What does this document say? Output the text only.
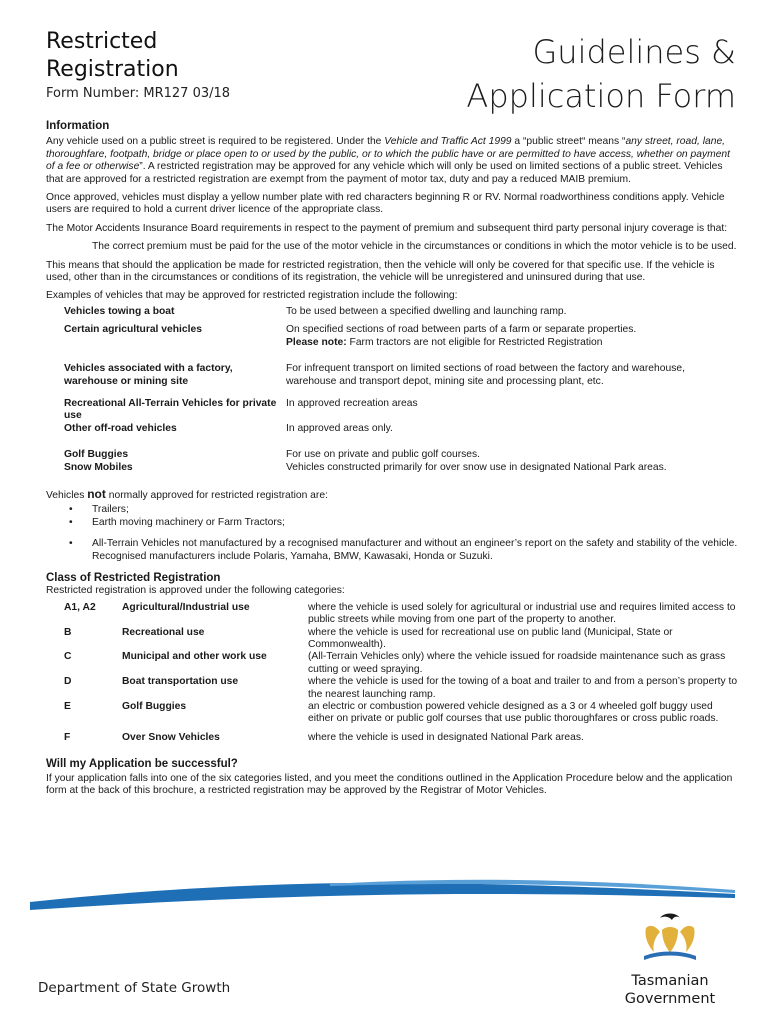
Restricted
Registration
Form Number: MR127 03/18
Guidelines &
Application Form
Information

Any vehicle used on a public street is required to be registered. Under the Vehicle and Traffic Act 1999 a “public street“ means “any street, road, lane, thoroughfare, footpath, bridge or place open to or used by the public, or to which the public have or are permitted to have access, whether on payment of a fee or otherwise”. A restricted registration may be approved for any vehicle which will only be used on limited sections of a public street. Vehicles that are approved for a restricted registration are exempt from the payment of motor tax, duty and pay a reduced MAIB premium.

Once approved, vehicles must display a yellow number plate with red characters beginning R or RV. Normal roadworthiness conditions apply. Vehicle users are required to hold a current driver licence of the appropriate class.

The Motor Accidents Insurance Board requirements in respect to the payment of premium and subsequent third party personal injury coverage is that:

The correct premium must be paid for the use of the motor vehicle in the circumstances or conditions in which the motor vehicle is to be used.

This means that should the application be made for restricted registration, then the vehicle will only be covered for that specific use. If the vehicle is used, other than in the circumstances or conditions of its registration, the vehicle will be unregistered and uninsured during that use.

Examples of vehicles that may be approved for restricted registration include the following:

Vehicles towing a boat	To be used between a specified dwelling and launching ramp.
Certain agricultural vehicles	On specified sections of road between parts of a farm or separate properties.
Please note: Farm tractors are not eligible for Restricted Registration
Vehicles associated with a factory, warehouse or mining site	For infrequent transport on limited sections of road between the factory and warehouse, warehouse and transport depot, mining site and processing plant, etc.
Recreational All-Terrain Vehicles for private use	In approved recreation areas
Other off-road vehicles	In approved areas only.
Golf Buggies	For use on private and public golf courses.
Snow Mobiles	Vehicles constructed primarily for over snow use in designated National Park areas.

Vehicles not normally approved for restricted registration are:

• Trailers;
• Earth moving machinery or Farm Tractors;
• All-Terrain Vehicles not manufactured by a recognised manufacturer and without an engineer’s report on the safety and stability of the vehicle. Recognised manufacturers include Polaris, Yamaha, BMW, Kawasaki, Honda or Suzuki.
Class of Restricted Registration

Restricted registration is approved under the following categories:

A1, A2	Agricultural/Industrial use	where the vehicle is used solely for agricultural or industrial use and requires limited access to public streets while moving from one part of the property to another.
B	Recreational use	where the vehicle is used for recreational use on public land (Municipal, State or Commonwealth).
C	Municipal and other work use	(All-Terrain Vehicles only) where the vehicle issued for roadside maintenance such as grass cutting or weed spraying.
D	Boat transportation use	where the vehicle is used for the towing of a boat and trailer to and from a person’s property to the nearest launching ramp.
E	Golf Buggies	an electric or combustion powered vehicle designed as a 3 or 4 wheeled golf buggy used either on private or public golf courses that use public thoroughfares or cross public roads.
F	Over Snow Vehicles	where the vehicle is used in designated National Park areas.
Will my Application be successful?

If your application falls into one of the six categories listed, and you meet the conditions outlined in the Application Procedure below and the application form at the back of this brochure, a restricted registration may be approved by the Registrar of Motor Vehicles.

Tasmanian
Government
Department of State Growth
